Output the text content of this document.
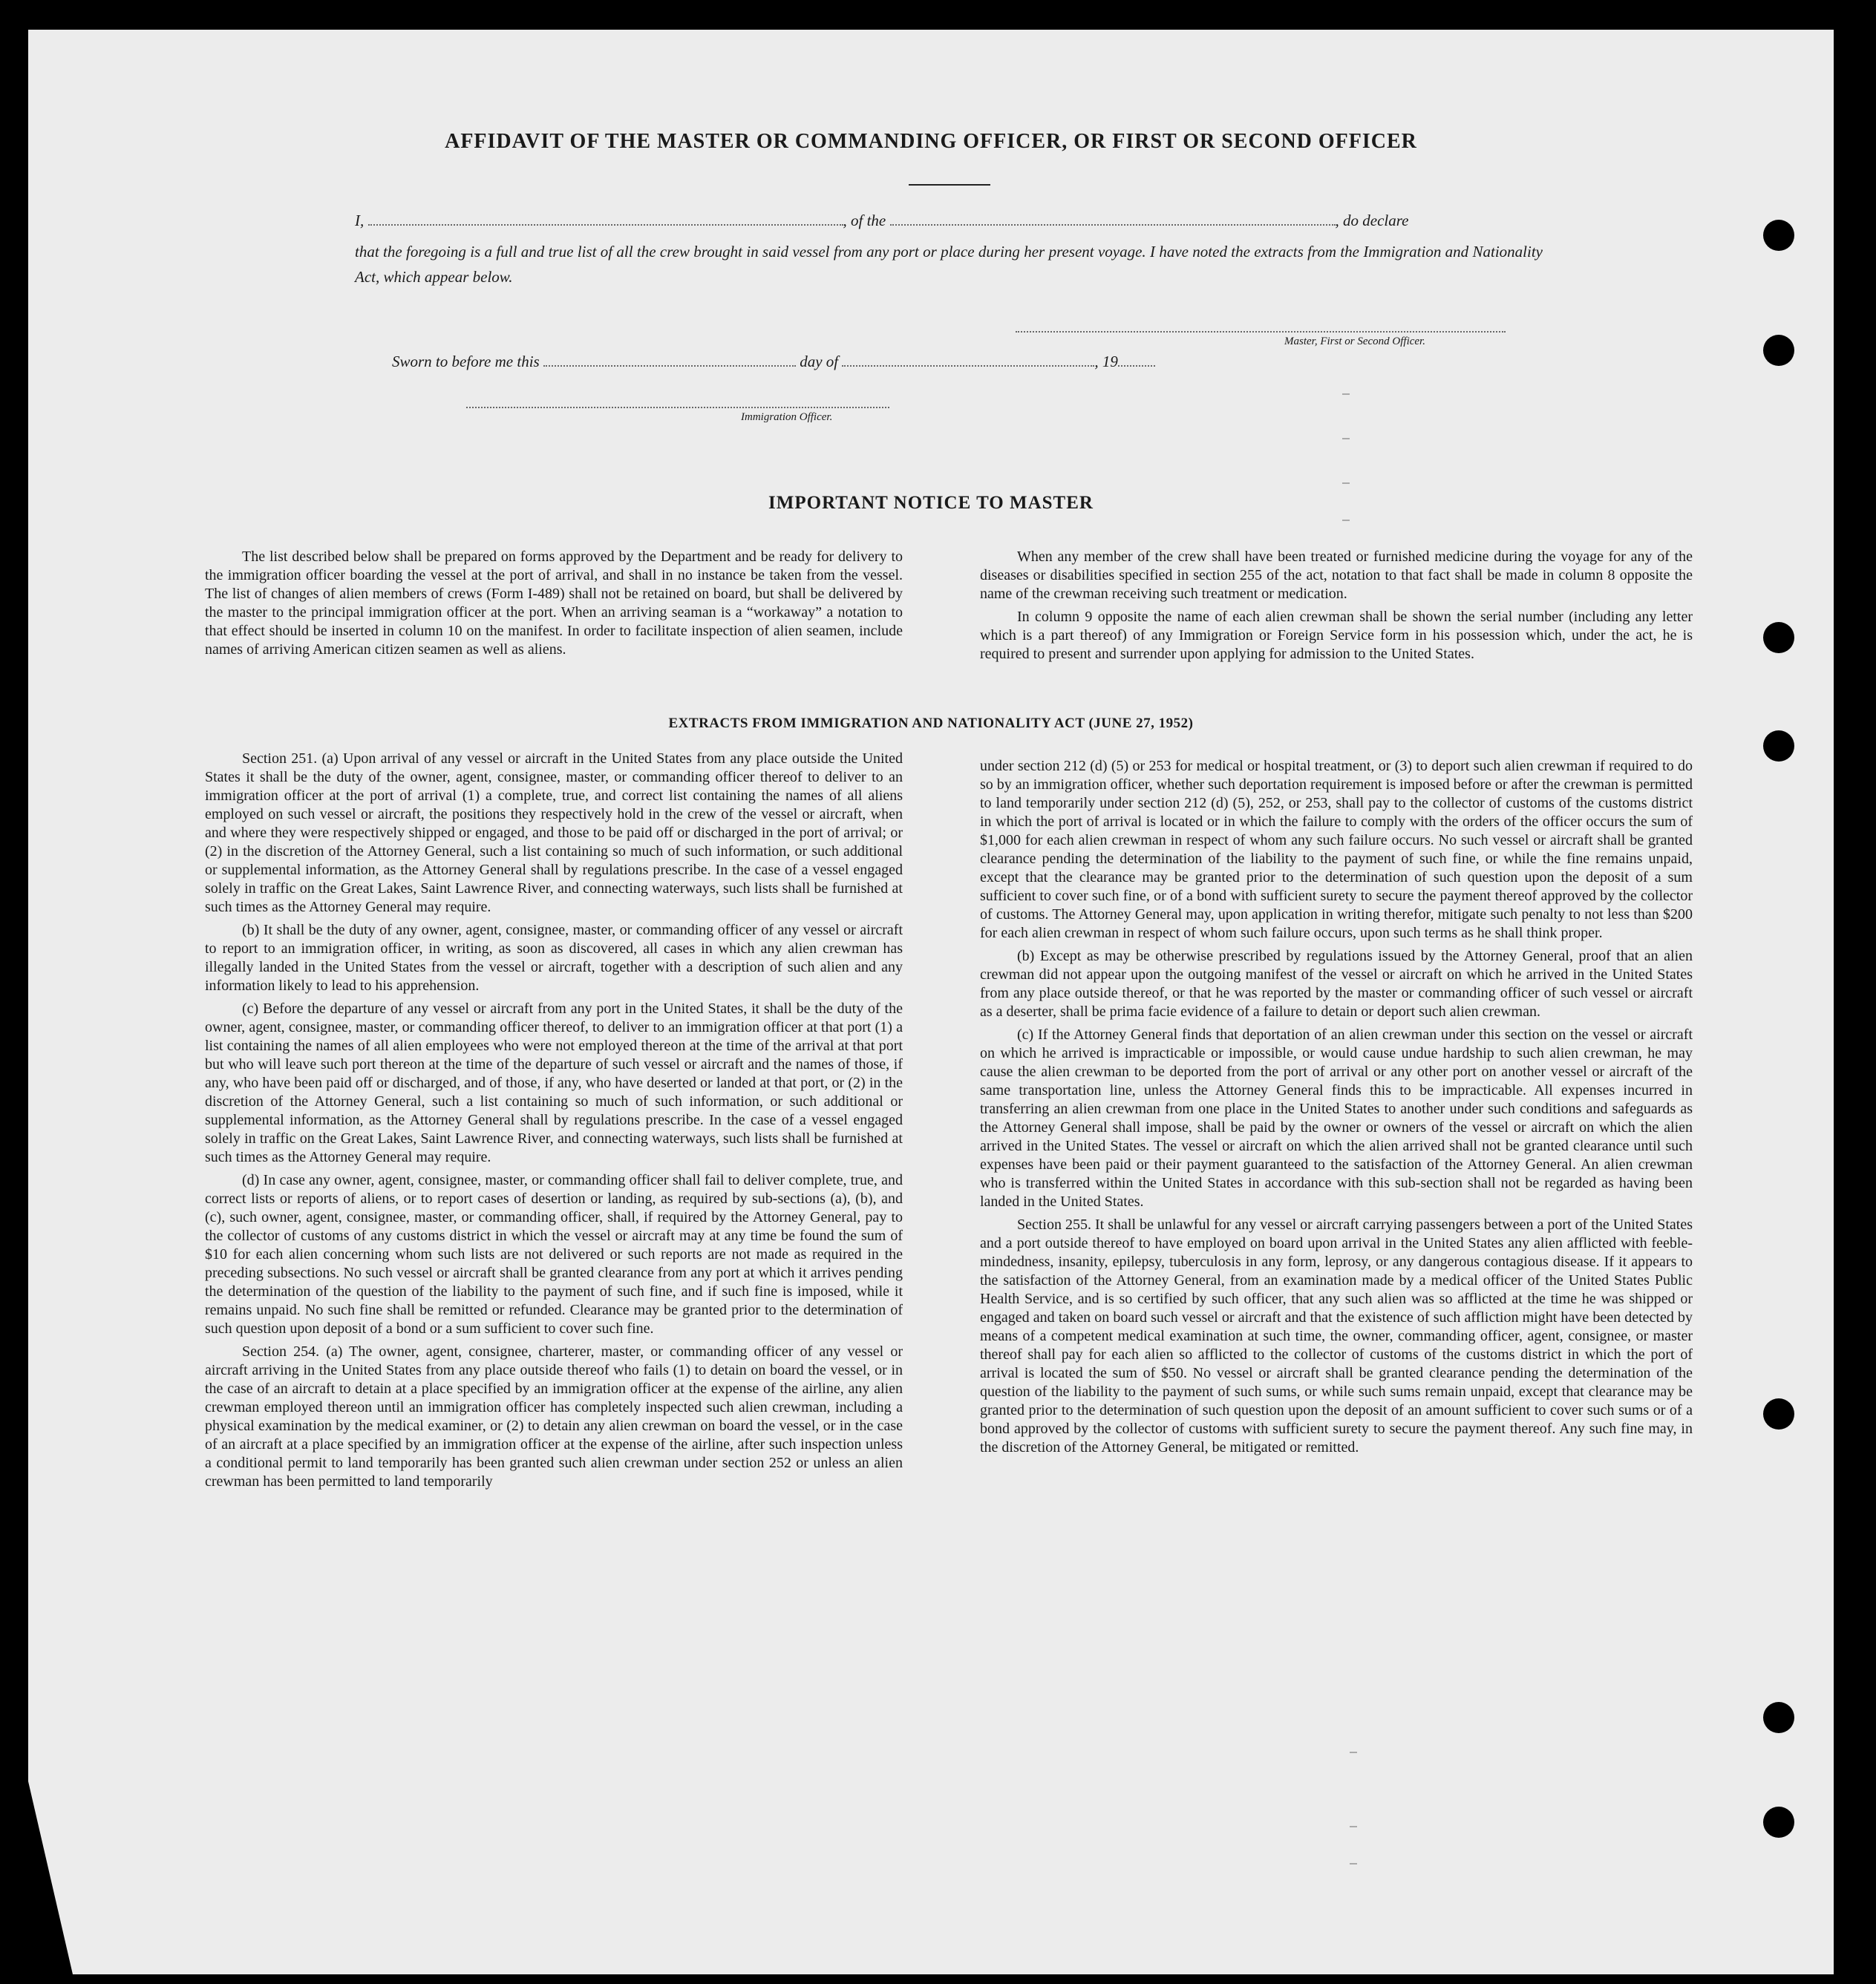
AFFIDAVIT OF THE MASTER OR COMMANDING OFFICER, OR FIRST OR SECOND OFFICER
I,	, of the	, do declare
that the foregoing is a full and true list of all the crew brought in said vessel from any port or place during her present voyage. I have noted the extracts from the Immigration and Nationality Act, which appear below.
Master, First or Second Officer.
Sworn to before me this	day of	, 19
Immigration Officer.
IMPORTANT NOTICE TO MASTER

The list described below shall be prepared on forms approved by the Department and be ready for delivery to the immigration officer boarding the vessel at the port of arrival, and shall in no instance be taken from the vessel. The list of changes of alien members of crews (Form I-489) shall not be retained on board, but shall be delivered by the master to the principal immigration officer at the port. When an arriving seaman is a “workaway” a notation to that effect should be inserted in column 10 on the manifest. In order to facilitate inspection of alien seamen, include names of arriving American citizen seamen as well as aliens.

When any member of the crew shall have been treated or furnished medicine during the voyage for any of the diseases or disabilities specified in section 255 of the act, notation to that fact shall be made in column 8 opposite the name of the crewman receiving such treatment or medication.

In column 9 opposite the name of each alien crewman shall be shown the serial number (including any letter which is a part thereof) of any Immigration or Foreign Service form in his possession which, under the act, he is required to present and surrender upon applying for admission to the United States.

EXTRACTS FROM IMMIGRATION AND NATIONALITY ACT (JUNE 27, 1952)

Section 251. (a) Upon arrival of any vessel or aircraft in the United States from any place outside the United States it shall be the duty of the owner, agent, consignee, master, or commanding officer thereof to deliver to an immigration officer at the port of arrival (1) a complete, true, and correct list containing the names of all aliens employed on such vessel or aircraft, the positions they respectively hold in the crew of the vessel or aircraft, when and where they were respectively shipped or engaged, and those to be paid off or discharged in the port of arrival; or (2) in the discretion of the Attorney General, such a list containing so much of such information, or such additional or supplemental information, as the Attorney General shall by regulations prescribe. In the case of a vessel engaged solely in traffic on the Great Lakes, Saint Lawrence River, and connecting waterways, such lists shall be furnished at such times as the Attorney General may require.

(b) It shall be the duty of any owner, agent, consignee, master, or commanding officer of any vessel or aircraft to report to an immigration officer, in writing, as soon as discovered, all cases in which any alien crewman has illegally landed in the United States from the vessel or aircraft, together with a description of such alien and any information likely to lead to his apprehension.

(c) Before the departure of any vessel or aircraft from any port in the United States, it shall be the duty of the owner, agent, consignee, master, or commanding officer thereof, to deliver to an immigration officer at that port (1) a list containing the names of all alien employees who were not employed thereon at the time of the arrival at that port but who will leave such port thereon at the time of the departure of such vessel or aircraft and the names of those, if any, who have been paid off or discharged, and of those, if any, who have deserted or landed at that port, or (2) in the discretion of the Attorney General, such a list containing so much of such information, or such additional or supplemental information, as the Attorney General shall by regulations prescribe. In the case of a vessel engaged solely in traffic on the Great Lakes, Saint Lawrence River, and connecting waterways, such lists shall be furnished at such times as the Attorney General may require.

(d) In case any owner, agent, consignee, master, or commanding officer shall fail to deliver complete, true, and correct lists or reports of aliens, or to report cases of desertion or landing, as required by sub-sections (a), (b), and (c), such owner, agent, consignee, master, or commanding officer, shall, if required by the Attorney General, pay to the collector of customs of any customs district in which the vessel or aircraft may at any time be found the sum of $10 for each alien concerning whom such lists are not delivered or such reports are not made as required in the preceding subsections. No such vessel or aircraft shall be granted clearance from any port at which it arrives pending the determination of the question of the liability to the payment of such fine, and if such fine is imposed, while it remains unpaid. No such fine shall be remitted or refunded. Clearance may be granted prior to the determination of such question upon deposit of a bond or a sum sufficient to cover such fine.

Section 254. (a) The owner, agent, consignee, charterer, master, or commanding officer of any vessel or aircraft arriving in the United States from any place outside thereof who fails (1) to detain on board the vessel, or in the case of an aircraft to detain at a place specified by an immigration officer at the expense of the airline, any alien crewman employed thereon until an immigration officer has completely inspected such alien crewman, including a physical examination by the medical examiner, or (2) to detain any alien crewman on board the vessel, or in the case of an aircraft at a place specified by an immigration officer at the expense of the airline, after such inspection unless a conditional permit to land temporarily has been granted such alien crewman under section 252 or unless an alien crewman has been permitted to land temporarily

under section 212 (d) (5) or 253 for medical or hospital treatment, or (3) to deport such alien crewman if required to do so by an immigration officer, whether such deportation requirement is imposed before or after the crewman is permitted to land temporarily under section 212 (d) (5), 252, or 253, shall pay to the collector of customs of the customs district in which the port of arrival is located or in which the failure to comply with the orders of the officer occurs the sum of $1,000 for each alien crewman in respect of whom any such failure occurs. No such vessel or aircraft shall be granted clearance pending the determination of the liability to the payment of such fine, or while the fine remains unpaid, except that the clearance may be granted prior to the determination of such question upon the deposit of a sum sufficient to cover such fine, or of a bond with sufficient surety to secure the payment thereof approved by the collector of customs. The Attorney General may, upon application in writing therefor, mitigate such penalty to not less than $200 for each alien crewman in respect of whom such failure occurs, upon such terms as he shall think proper.

(b) Except as may be otherwise prescribed by regulations issued by the Attorney General, proof that an alien crewman did not appear upon the outgoing manifest of the vessel or aircraft on which he arrived in the United States from any place outside thereof, or that he was reported by the master or commanding officer of such vessel or aircraft as a deserter, shall be prima facie evidence of a failure to detain or deport such alien crewman.

(c) If the Attorney General finds that deportation of an alien crewman under this section on the vessel or aircraft on which he arrived is impracticable or impossible, or would cause undue hardship to such alien crewman, he may cause the alien crewman to be deported from the port of arrival or any other port on another vessel or aircraft of the same transportation line, unless the Attorney General finds this to be impracticable. All expenses incurred in transferring an alien crewman from one place in the United States to another under such conditions and safeguards as the Attorney General shall impose, shall be paid by the owner or owners of the vessel or aircraft on which the alien arrived in the United States. The vessel or aircraft on which the alien arrived shall not be granted clearance until such expenses have been paid or their payment guaranteed to the satisfaction of the Attorney General. An alien crewman who is transferred within the United States in accordance with this sub-section shall not be regarded as having been landed in the United States.

Section 255. It shall be unlawful for any vessel or aircraft carrying passengers between a port of the United States and a port outside thereof to have employed on board upon arrival in the United States any alien afflicted with feeble-mindedness, insanity, epilepsy, tuberculosis in any form, leprosy, or any dangerous contagious disease. If it appears to the satisfaction of the Attorney General, from an examination made by a medical officer of the United States Public Health Service, and is so certified by such officer, that any such alien was so afflicted at the time he was shipped or engaged and taken on board such vessel or aircraft and that the existence of such affliction might have been detected by means of a competent medical examination at such time, the owner, commanding officer, agent, consignee, or master thereof shall pay for each alien so afflicted to the collector of customs of the customs district in which the port of arrival is located the sum of $50. No vessel or aircraft shall be granted clearance pending the determination of the question of the liability to the payment of such sums, or while such sums remain unpaid, except that clearance may be granted prior to the determination of such question upon the deposit of an amount sufficient to cover such sums or of a bond approved by the collector of customs with sufficient surety to secure the payment thereof. Any such fine may, in the discretion of the Attorney General, be mitigated or remitted.
